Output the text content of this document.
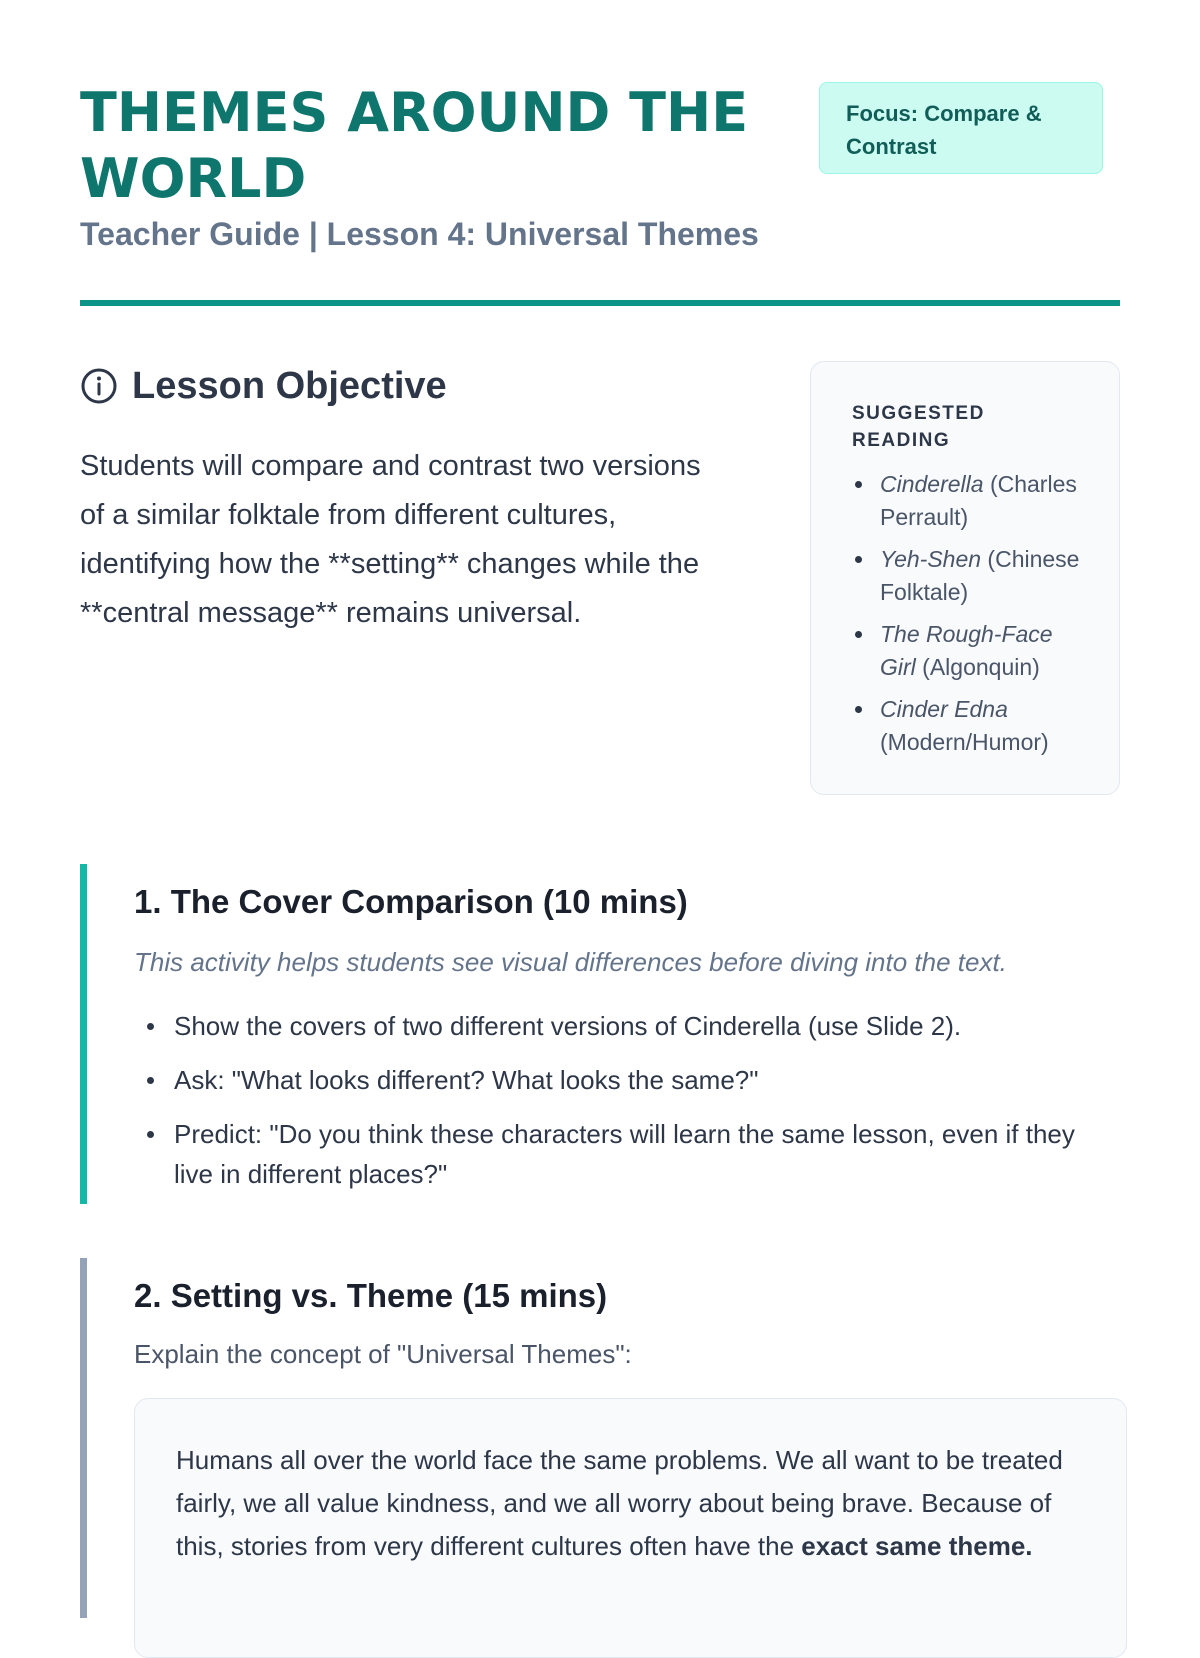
THEMES AROUND THE WORLD

Teacher Guide | Lesson 4: Universal Themes

Focus: Compare & Contrast
Lesson Objective

Students will compare and contrast two versions of a similar folktale from different cultures, identifying how the **setting** changes while the **central message** remains universal.

SUGGESTED READING

Cinderella (Charles Perrault)
Yeh-Shen (Chinese Folktale)
The Rough-Face Girl (Algonquin)
Cinder Edna (Modern/Humor)
1. The Cover Comparison (10 mins)

This activity helps students see visual differences before diving into the text.

Show the covers of two different versions of Cinderella (use Slide 2).
Ask: "What looks different? What looks the same?"
Predict: "Do you think these characters will learn the same lesson, even if they live in different places?"
2. Setting vs. Theme (15 mins)

Explain the concept of "Universal Themes":

Humans all over the world face the same problems. We all want to be treated fairly, we all value kindness, and we all worry about being brave. Because of this, stories from very different cultures often have the exact same theme.
